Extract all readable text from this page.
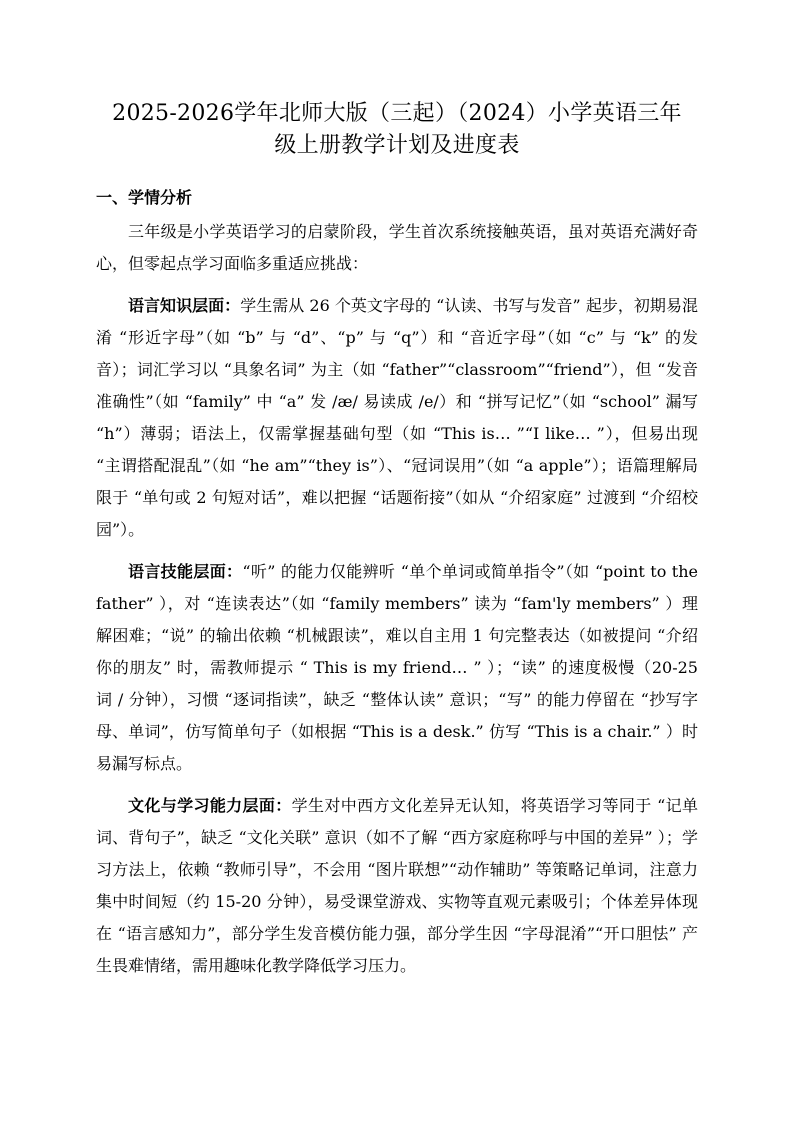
2025-2026学年北师大版（三起）（2024）小学英语三年
级上册教学计划及进度表
一、学情分析

三年级是小学英语学习的启蒙阶段，学生首次系统接触英语，虽对英语充满好奇心，但零起点学习面临多重适应挑战：

语言知识层面：学生需从 26 个英文字母的 “认读、书写与发音” 起步，初期易混淆 “形近字母”（如 “b” 与 “d”、“p” 与 “q”）和 “音近字母”（如 “c” 与 “k” 的发音）；词汇学习以 “具象名词” 为主（如 “father”“classroom”“friend”），但 “发音准确性”（如 “family” 中 “a” 发 /æ/ 易读成 /e/）和 “拼写记忆”（如 “school” 漏写 “h”）薄弱；语法上，仅需掌握基础句型（如 “This is… ”“I like… ”），但易出现 “主谓搭配混乱”（如 “he am”“they is”）、“冠词误用”（如 “a apple”）；语篇理解局限于 “单句或 2 句短对话”，难以把握 “话题衔接”（如从 “介绍家庭” 过渡到 “介绍校园”）。

语言技能层面：“听” 的能力仅能辨听 “单个单词或简单指令”（如 “point to the father” ），对 “连读表达”（如 “family members” 读为 “fam'ly members” ）理解困难；“说” 的输出依赖 “机械跟读”，难以自主用 1 句完整表达（如被提问 “介绍你的朋友” 时，需教师提示 “ This is my friend… ” ）；“读” 的速度极慢（20-25 词 / 分钟），习惯 “逐词指读”，缺乏 “整体认读” 意识；“写” 的能力停留在 “抄写字母、单词”，仿写简单句子（如根据 “This is a desk.” 仿写 “This is a chair.” ）时易漏写标点。

文化与学习能力层面：学生对中西方文化差异无认知，将英语学习等同于 “记单词、背句子”，缺乏 “文化关联” 意识（如不了解 “西方家庭称呼与中国的差异” ）；学习方法上，依赖 “教师引导”，不会用 “图片联想”“动作辅助” 等策略记单词，注意力集中时间短（约 15-20 分钟），易受课堂游戏、实物等直观元素吸引；个体差异体现在 “语言感知力”，部分学生发音模仿能力强，部分学生因 “字母混淆”“开口胆怯” 产生畏难情绪，需用趣味化教学降低学习压力。
